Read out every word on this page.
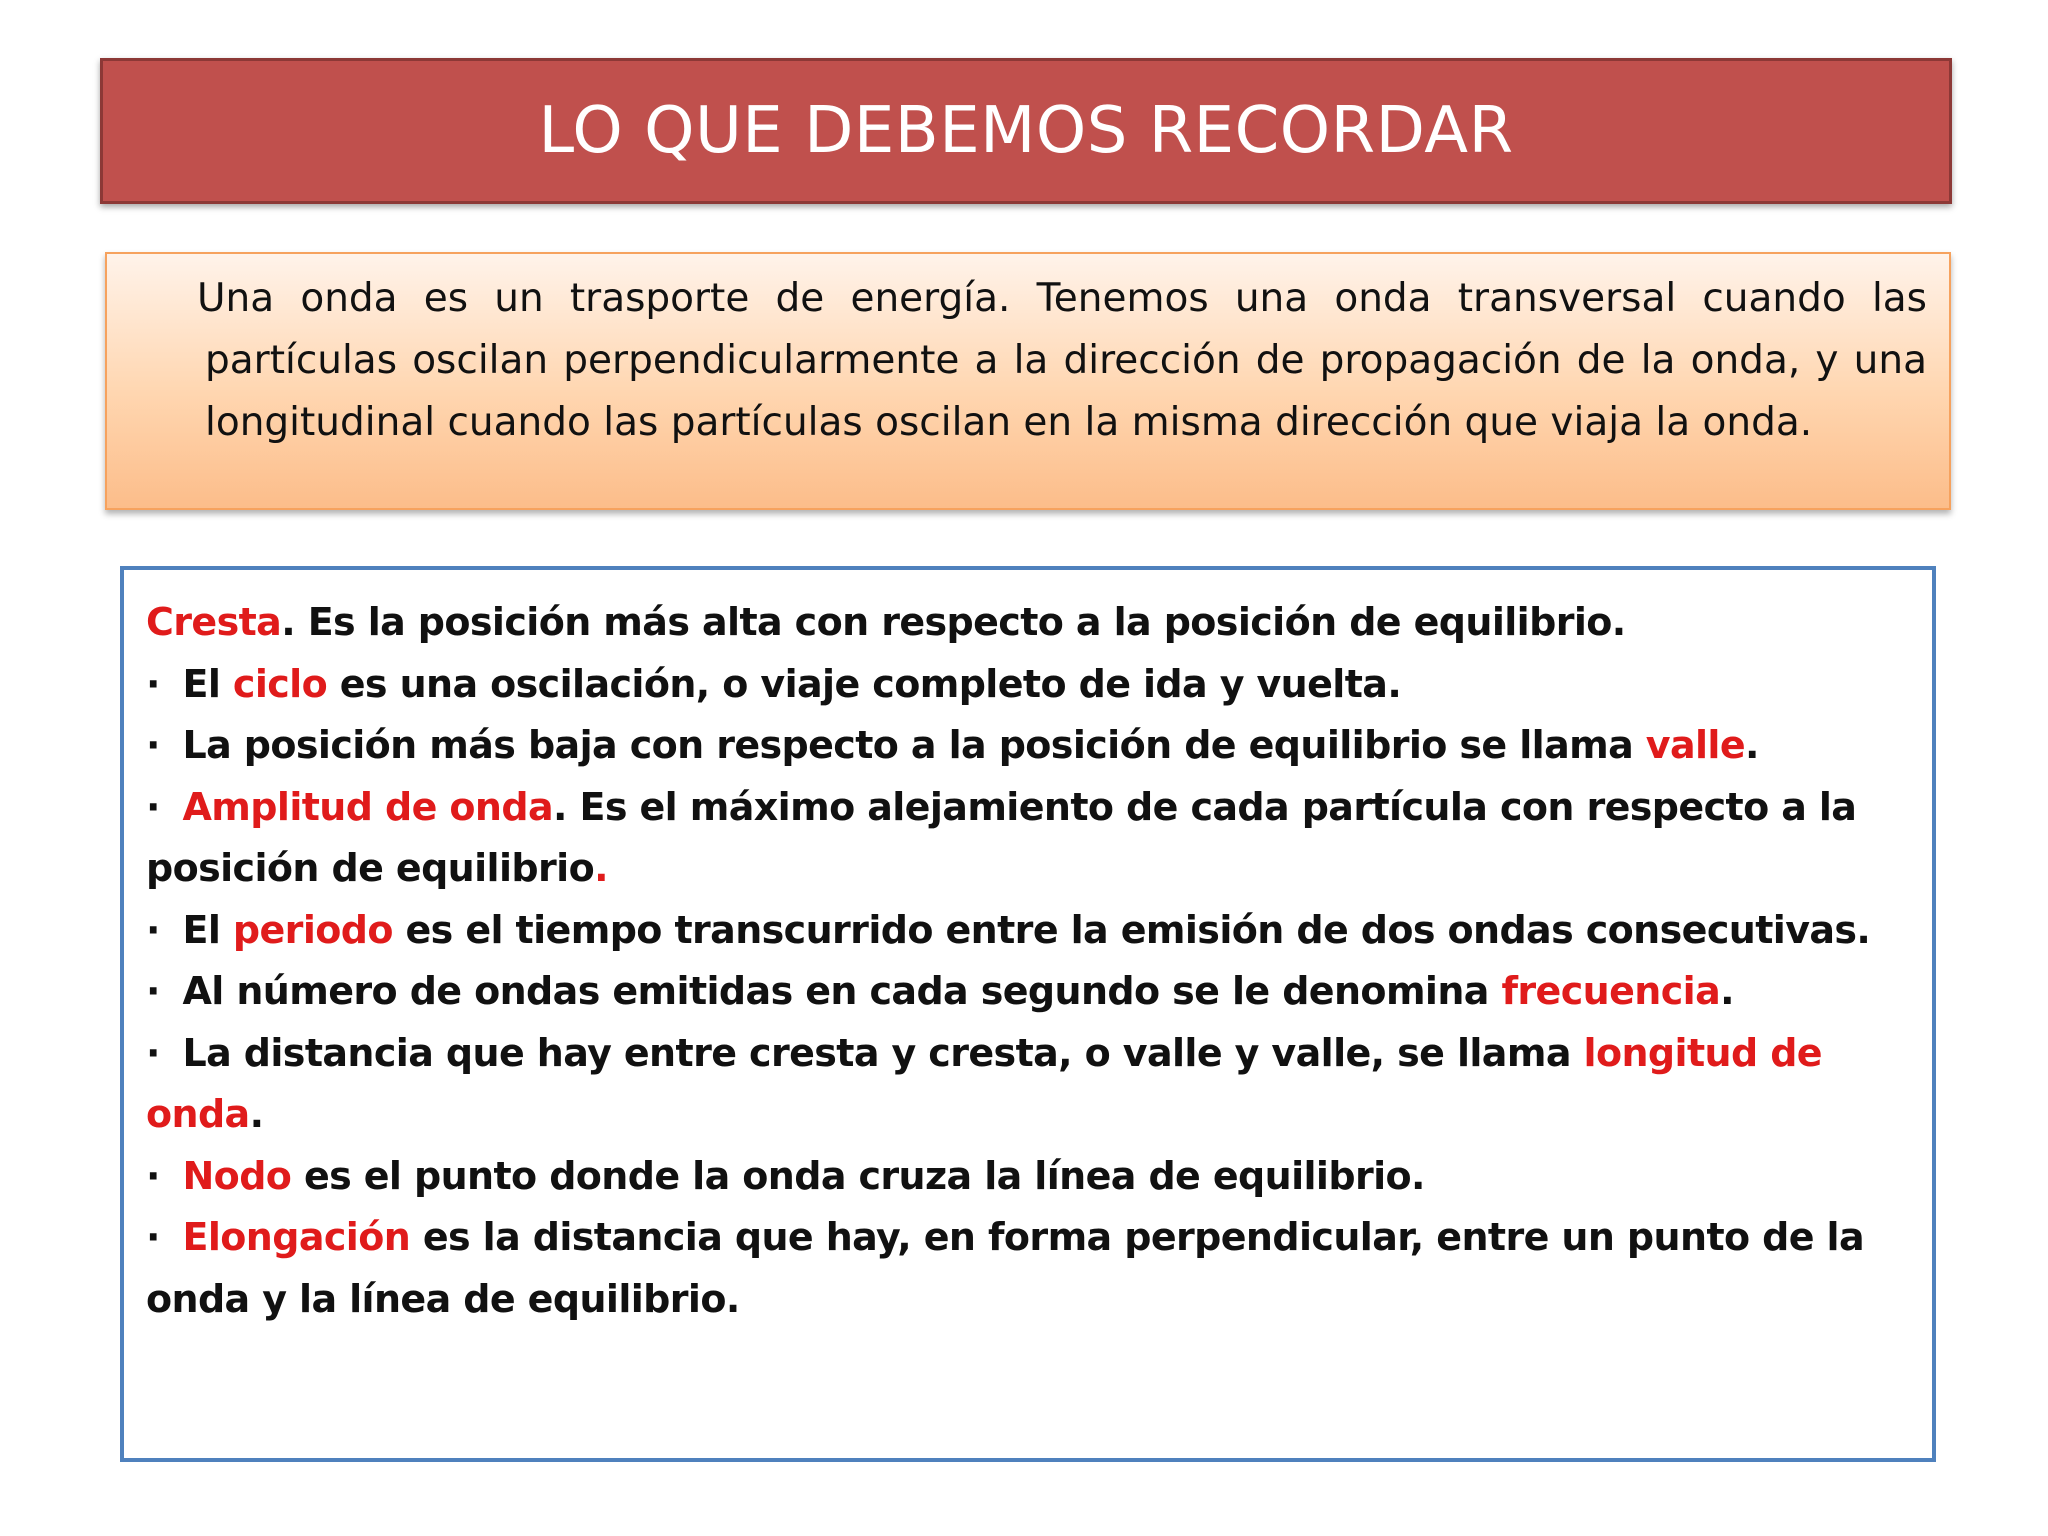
LO QUE DEBEMOS RECORDAR

Una onda es un trasporte de energía. Tenemos una onda transversal cuando las partículas oscilan perpendicularmente a la dirección de propagación de la onda, y una longitudinal cuando las partículas oscilan en la misma dirección que viaja la onda.

Cresta. Es la posición más alta con respecto a la posición de equilibrio.
· El ciclo es una oscilación, o viaje completo de ida y vuelta.
· La posición más baja con respecto a la posición de equilibrio se llama valle.
· Amplitud de onda. Es el máximo alejamiento de cada partícula con respecto a la posición de equilibrio.
· El periodo es el tiempo transcurrido entre la emisión de dos ondas consecutivas.
· Al número de ondas emitidas en cada segundo se le denomina frecuencia.
· La distancia que hay entre cresta y cresta, o valle y valle, se llama longitud de onda.
· Nodo es el punto donde la onda cruza la línea de equilibrio.
· Elongación es la distancia que hay, en forma perpendicular, entre un punto de la onda y la línea de equilibrio.
